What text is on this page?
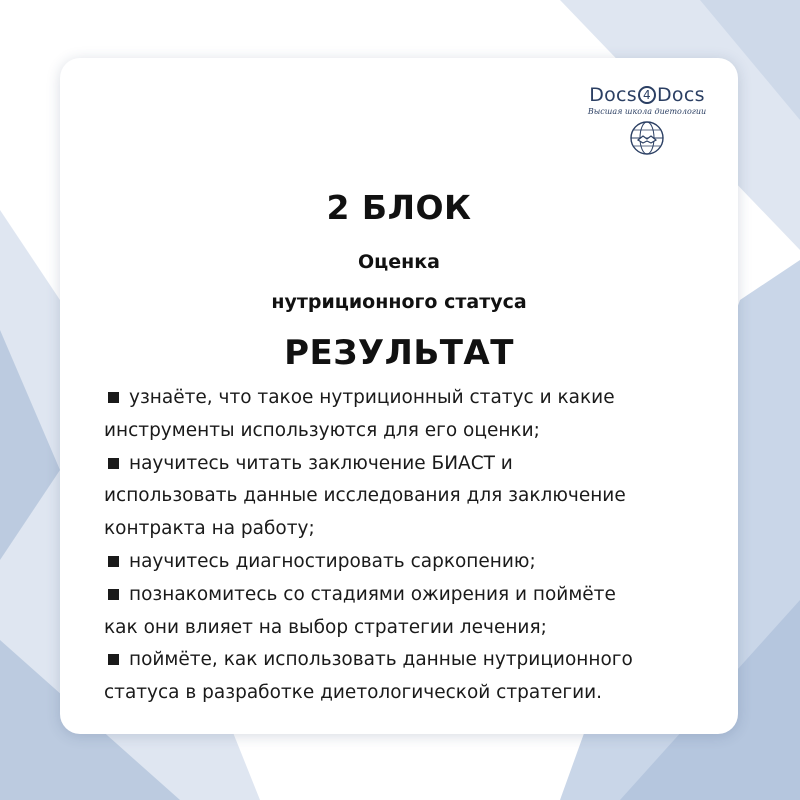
Docs 4 Docs
Высшая школа диетологии
2 БЛОК
Оценка
нутриционного статуса
РЕЗУЛЬТАТ
узнаёте, что такое нутриционный статус и какие
инструменты используются для его оценки;
научитесь читать заключение БИАСТ и
использовать данные исследования для заключение
контракта на работу;
научитесь диагностировать саркопению;
познакомитесь со стадиями ожирения и поймёте
как они влияет на выбор стратегии лечения;
поймёте, как использовать данные нутриционного
статуса в разработке диетологической стратегии.
